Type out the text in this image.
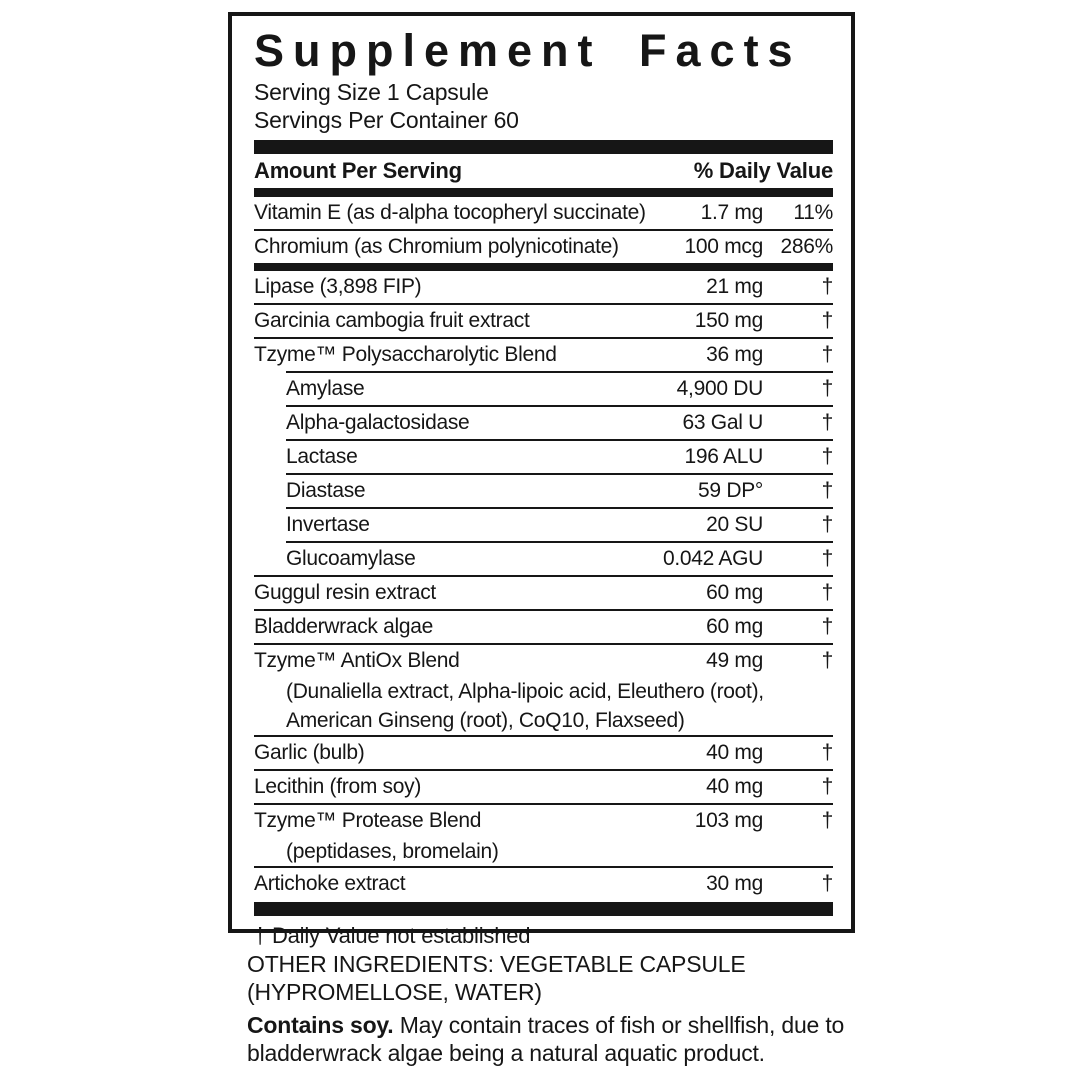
Supplement Facts
Serving Size 1 Capsule
Servings Per Container 60
Amount Per Serving	% Daily Value
Vitamin E (as d-alpha tocopheryl succinate)	1.7 mg	11%
Chromium (as Chromium polynicotinate)	100 mcg 286%
Lipase (3,898 FIP)	21 mg	†
Garcinia cambogia fruit extract	150 mg	†
Tzyme™ Polysaccharolytic Blend	36 mg	†
Amylase	4,900 DU	†
Alpha-galactosidase	63 Gal U	†
Lactase	196 ALU	†
Diastase	59 DP°	†
Invertase	20 SU	†
Glucoamylase	0.042 AGU	†
Guggul resin extract	60 mg	†
Bladderwrack algae	60 mg	†
Tzyme™ AntiOx Blend	49 mg	†
(Dunaliella extract, Alpha-lipoic acid, Eleuthero (root),
American Ginseng (root), CoQ10, Flaxseed)
Garlic (bulb)	40 mg	†
Lecithin (from soy)	40 mg	†
Tzyme™ Protease Blend	103 mg	†
(peptidases, bromelain)
Artichoke extract	30 mg	†
† Daily Value not established

OTHER INGREDIENTS: VEGETABLE CAPSULE
(HYPROMELLOSE, WATER)

Contains soy. May contain traces of fish or shellfish, due to
bladderwrack algae being a natural aquatic product.
